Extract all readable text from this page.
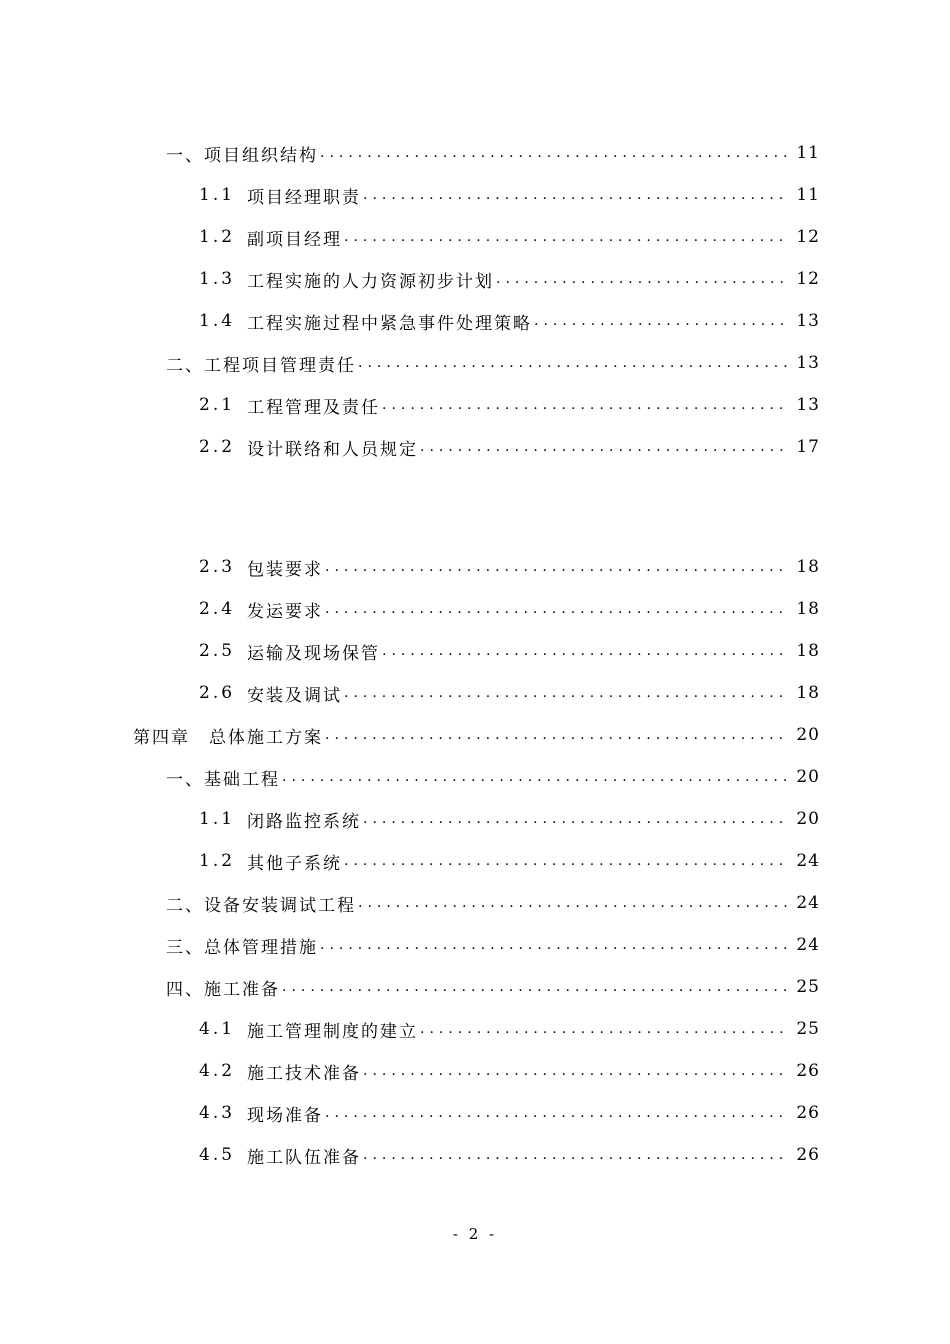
一、项目组织结构 .....	11
1.1 项目经理职责 .....	11
1.2 副项目经理 .....	12
1.3 工程实施的人力资源初步计划 .....	12
1.4 工程实施过程中紧急事件处理策略 .....	13
二、工程项目管理责任 .....	13
2.1 工程管理及责任 .....	13
2.2 设计联络和人员规定 .....	17
2.3 包装要求 .....	18
2.4 发运要求 .....	18
2.5 运输及现场保管 .....	18
2.6 安装及调试 .....	18
第四章　总体施工方案 .....	20
一、基础工程 .....	20
1.1 闭路监控系统 .....	20
1.2 其他子系统 .....	24
二、设备安装调试工程 .....	24
三、总体管理措施 .....	24
四、施工准备 .....	25
4.1 施工管理制度的建立 .....	25
4.2 施工技术准备 .....	26
4.3 现场准备 .....	26
4.5 施工队伍准备 .....	26
- 2 -
